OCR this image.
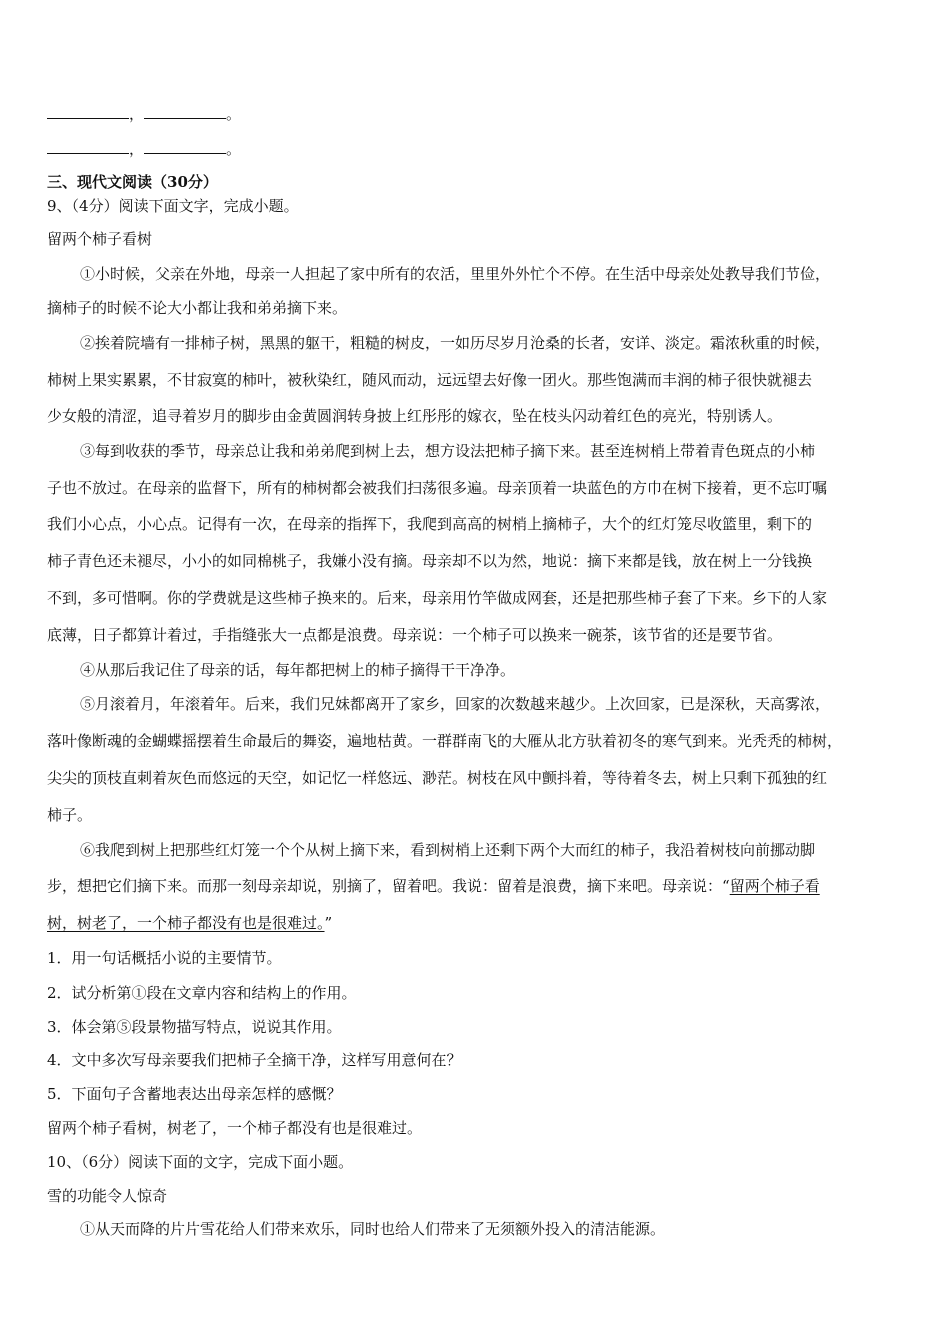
，	。
，	。
三、现代文阅读（30分）
9、（4分）阅读下面文字，完成小题。
留两个柿子看树
①小时候，父亲在外地，母亲一人担起了家中所有的农活，里里外外忙个不停。在生活中母亲处处教导我们节俭，
摘柿子的时候不论大小都让我和弟弟摘下来。
②挨着院墙有一排柿子树，黑黑的躯干，粗糙的树皮，一如历尽岁月沧桑的长者，安详、淡定。霜浓秋重的时候，
柿树上果实累累，不甘寂寞的柿叶，被秋染红，随风而动，远远望去好像一团火。那些饱满而丰润的柿子很快就褪去
少女般的清涩，追寻着岁月的脚步由金黄圆润转身披上红彤彤的嫁衣，坠在枝头闪动着红色的亮光，特别诱人。
③每到收获的季节，母亲总让我和弟弟爬到树上去，想方设法把柿子摘下来。甚至连树梢上带着青色斑点的小柿
子也不放过。在母亲的监督下，所有的柿树都会被我们扫荡很多遍。母亲顶着一块蓝色的方巾在树下接着，更不忘叮嘱
我们小心点，小心点。记得有一次，在母亲的指挥下，我爬到高高的树梢上摘柿子，大个的红灯笼尽收篮里，剩下的
柿子青色还未褪尽，小小的如同棉桃子，我嫌小没有摘。母亲却不以为然，地说：摘下来都是钱，放在树上一分钱换
不到，多可惜啊。你的学费就是这些柿子换来的。后来，母亲用竹竿做成网套，还是把那些柿子套了下来。乡下的人家
底薄，日子都算计着过，手指缝张大一点都是浪费。母亲说：一个柿子可以换来一碗茶，该节省的还是要节省。
④从那后我记住了母亲的话，每年都把树上的柿子摘得干干净净。
⑤月滚着月，年滚着年。后来，我们兄妹都离开了家乡，回家的次数越来越少。上次回家，已是深秋，天高雾浓，
落叶像断魂的金蝴蝶摇摆着生命最后的舞姿，遍地枯黄。一群群南飞的大雁从北方驮着初冬的寒气到来。光秃秃的柿树，
尖尖的顶枝直刺着灰色而悠远的天空，如记忆一样悠远、渺茫。树枝在风中颤抖着，等待着冬去，树上只剩下孤独的红
柿子。
⑥我爬到树上把那些红灯笼一个个从树上摘下来，看到树梢上还剩下两个大而红的柿子，我沿着树枝向前挪动脚
步，想把它们摘下来。而那一刻母亲却说，别摘了，留着吧。我说：留着是浪费，摘下来吧。母亲说：“留两个柿子看
树，树老了，一个柿子都没有也是很难过。”
1．用一句话概括小说的主要情节。
2．试分析第①段在文章内容和结构上的作用。
3．体会第⑤段景物描写特点，说说其作用。
4．文中多次写母亲要我们把柿子全摘干净，这样写用意何在？
5．下面句子含蓄地表达出母亲怎样的感慨？
留两个柿子看树，树老了，一个柿子都没有也是很难过。
10、（6分）阅读下面的文字，完成下面小题。
雪的功能令人惊奇
①从天而降的片片雪花给人们带来欢乐，同时也给人们带来了无须额外投入的清洁能源。
